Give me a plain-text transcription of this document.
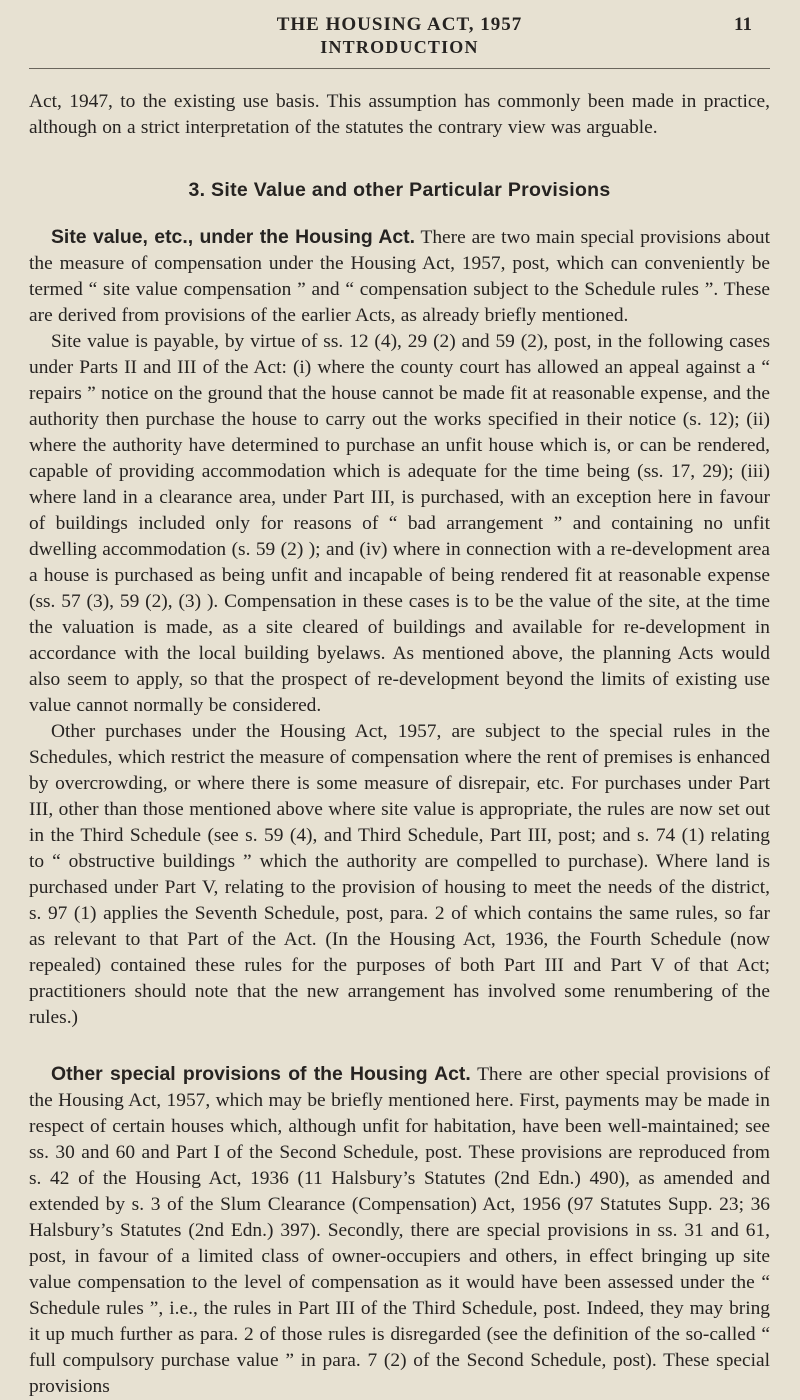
THE HOUSING ACT, 1957	11
INTRODUCTION

Act, 1947, to the existing use basis. This assumption has commonly been made in practice, although on a strict interpretation of the statutes the contrary view was arguable.

3. Site Value and other Particular Provisions

Site value, etc., under the Housing Act. There are two main special provisions about the measure of compensation under the Housing Act, 1957, post, which can conveniently be termed “ site value compensation ” and “ compensation subject to the Schedule rules ”. These are derived from provisions of the earlier Acts, as already briefly mentioned.

Site value is payable, by virtue of ss. 12 (4), 29 (2) and 59 (2), post, in the following cases under Parts II and III of the Act: (i) where the county court has allowed an appeal against a “ repairs ” notice on the ground that the house cannot be made fit at reasonable expense, and the authority then purchase the house to carry out the works specified in their notice (s. 12); (ii) where the authority have determined to purchase an unfit house which is, or can be rendered, capable of providing accommodation which is adequate for the time being (ss. 17, 29); (iii) where land in a clearance area, under Part III, is purchased, with an exception here in favour of buildings included only for reasons of “ bad arrangement ” and containing no unfit dwelling accommodation (s. 59 (2) ); and (iv) where in connection with a re-development area a house is purchased as being unfit and incapable of being rendered fit at reasonable expense (ss. 57 (3), 59 (2), (3) ). Compensation in these cases is to be the value of the site, at the time the valuation is made, as a site cleared of buildings and available for re-development in accordance with the local building byelaws. As mentioned above, the planning Acts would also seem to apply, so that the prospect of re-development beyond the limits of existing use value cannot normally be considered.

Other purchases under the Housing Act, 1957, are subject to the special rules in the Schedules, which restrict the measure of compensation where the rent of premises is enhanced by overcrowding, or where there is some measure of disrepair, etc. For purchases under Part III, other than those mentioned above where site value is appropriate, the rules are now set out in the Third Schedule (see s. 59 (4), and Third Schedule, Part III, post; and s. 74 (1) relating to “ obstructive buildings ” which the authority are compelled to purchase). Where land is purchased under Part V, relating to the provision of housing to meet the needs of the district, s. 97 (1) applies the Seventh Schedule, post, para. 2 of which contains the same rules, so far as relevant to that Part of the Act. (In the Housing Act, 1936, the Fourth Schedule (now repealed) contained these rules for the purposes of both Part III and Part V of that Act; practitioners should note that the new arrangement has involved some renumbering of the rules.)

Other special provisions of the Housing Act. There are other special provisions of the Housing Act, 1957, which may be briefly mentioned here. First, payments may be made in respect of certain houses which, although unfit for habitation, have been well-maintained; see ss. 30 and 60 and Part I of the Second Schedule, post. These provisions are reproduced from s. 42 of the Housing Act, 1936 (11 Halsbury’s Statutes (2nd Edn.) 490), as amended and extended by s. 3 of the Slum Clearance (Compensation) Act, 1956 (97 Statutes Supp. 23; 36 Halsbury’s Statutes (2nd Edn.) 397). Secondly, there are special provisions in ss. 31 and 61, post, in favour of a limited class of owner-occupiers and others, in effect bringing up site value compensation to the level of compensation as it would have been assessed under the “ Schedule rules ”, i.e., the rules in Part III of the Third Schedule, post. Indeed, they may bring it up much further as para. 2 of those rules is disregarded (see the definition of the so-called “ full compulsory purchase value ” in para. 7 (2) of the Second Schedule, post). These special provisions
